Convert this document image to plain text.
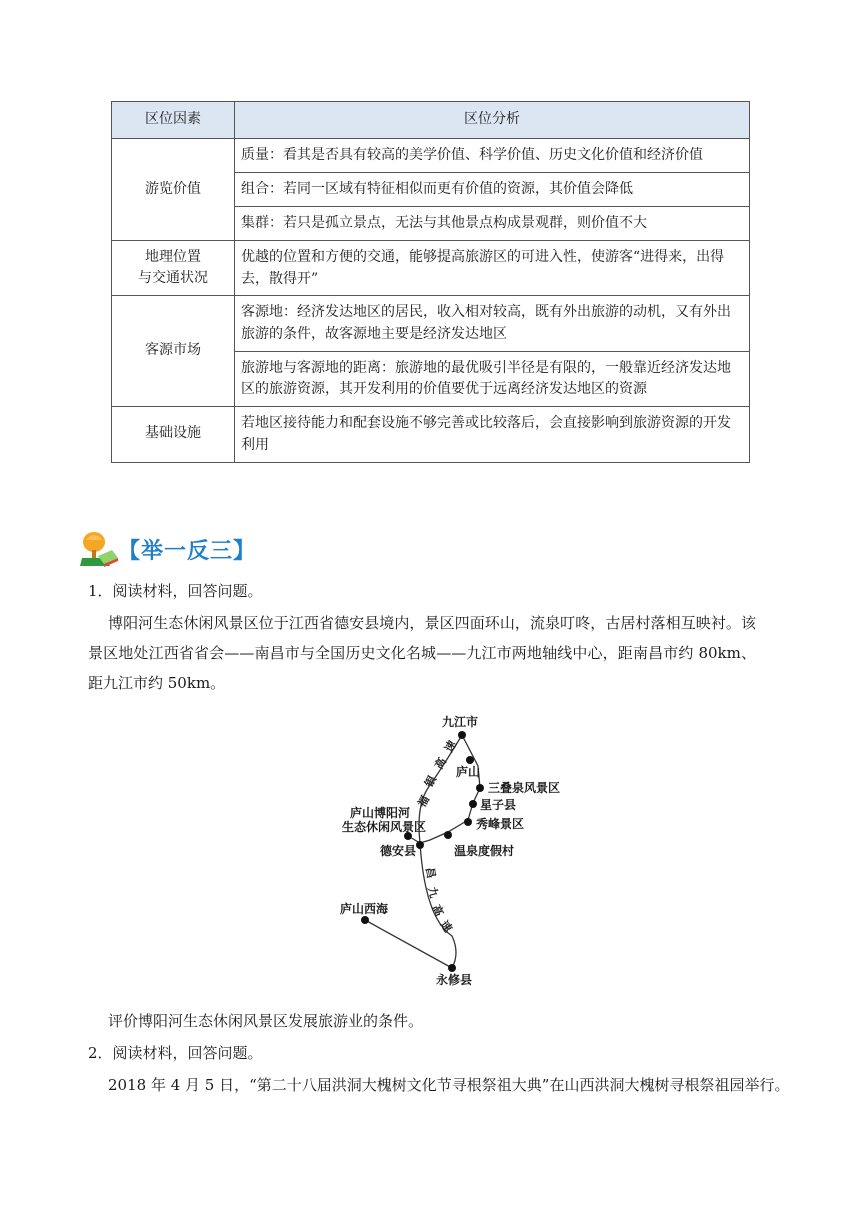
区位因素	区位分析
游览价值	质量：看其是否具有较高的美学价值、科学价值、历史文化价值和经济价值
	组合：若同一区域有特征相似而更有价值的资源，其价值会降低
	集群：若只是孤立景点，无法与其他景点构成景观群，则价值不大
地理位置
与交通状况	优越的位置和方便的交通，能够提高旅游区的可进入性，使游客“进得来，出得去，散得开”
客源市场	客源地：经济发达地区的居民，收入相对较高，既有外出旅游的动机，又有外出旅游的条件，故客源地主要是经济发达地区
	旅游地与客源地的距离：旅游地的最优吸引半径是有限的，一般靠近经济发达地区的旅游资源，其开发利用的价值要优于远离经济发达地区的资源
基础设施	若地区接待能力和配套设施不够完善或比较落后，会直接影响到旅游资源的开发利用
【举一反三】
1．阅读材料，回答问题。
博阳河生态休闲风景区位于江西省德安县境内，景区四面环山，流泉叮咚，古居村落相互映衬。该景区地处江西省省会——南昌市与全国历史文化名城——九江市两地轴线中心，距南昌市约 80km、距九江市约 50km。
九江市
庐山
三叠泉风景区
星子县
秀峰景区
温泉度假村
庐山博阳河
生态休闲风景区
德安县
庐山西海
永修县
福
银
高
速
昌
九
高
速
评价博阳河生态休闲风景区发展旅游业的条件。
2．阅读材料，回答问题。
2018 年 4 月 5 日，“第二十八届洪洞大槐树文化节寻根祭祖大典”在山西洪洞大槐树寻根祭祖园举行。
